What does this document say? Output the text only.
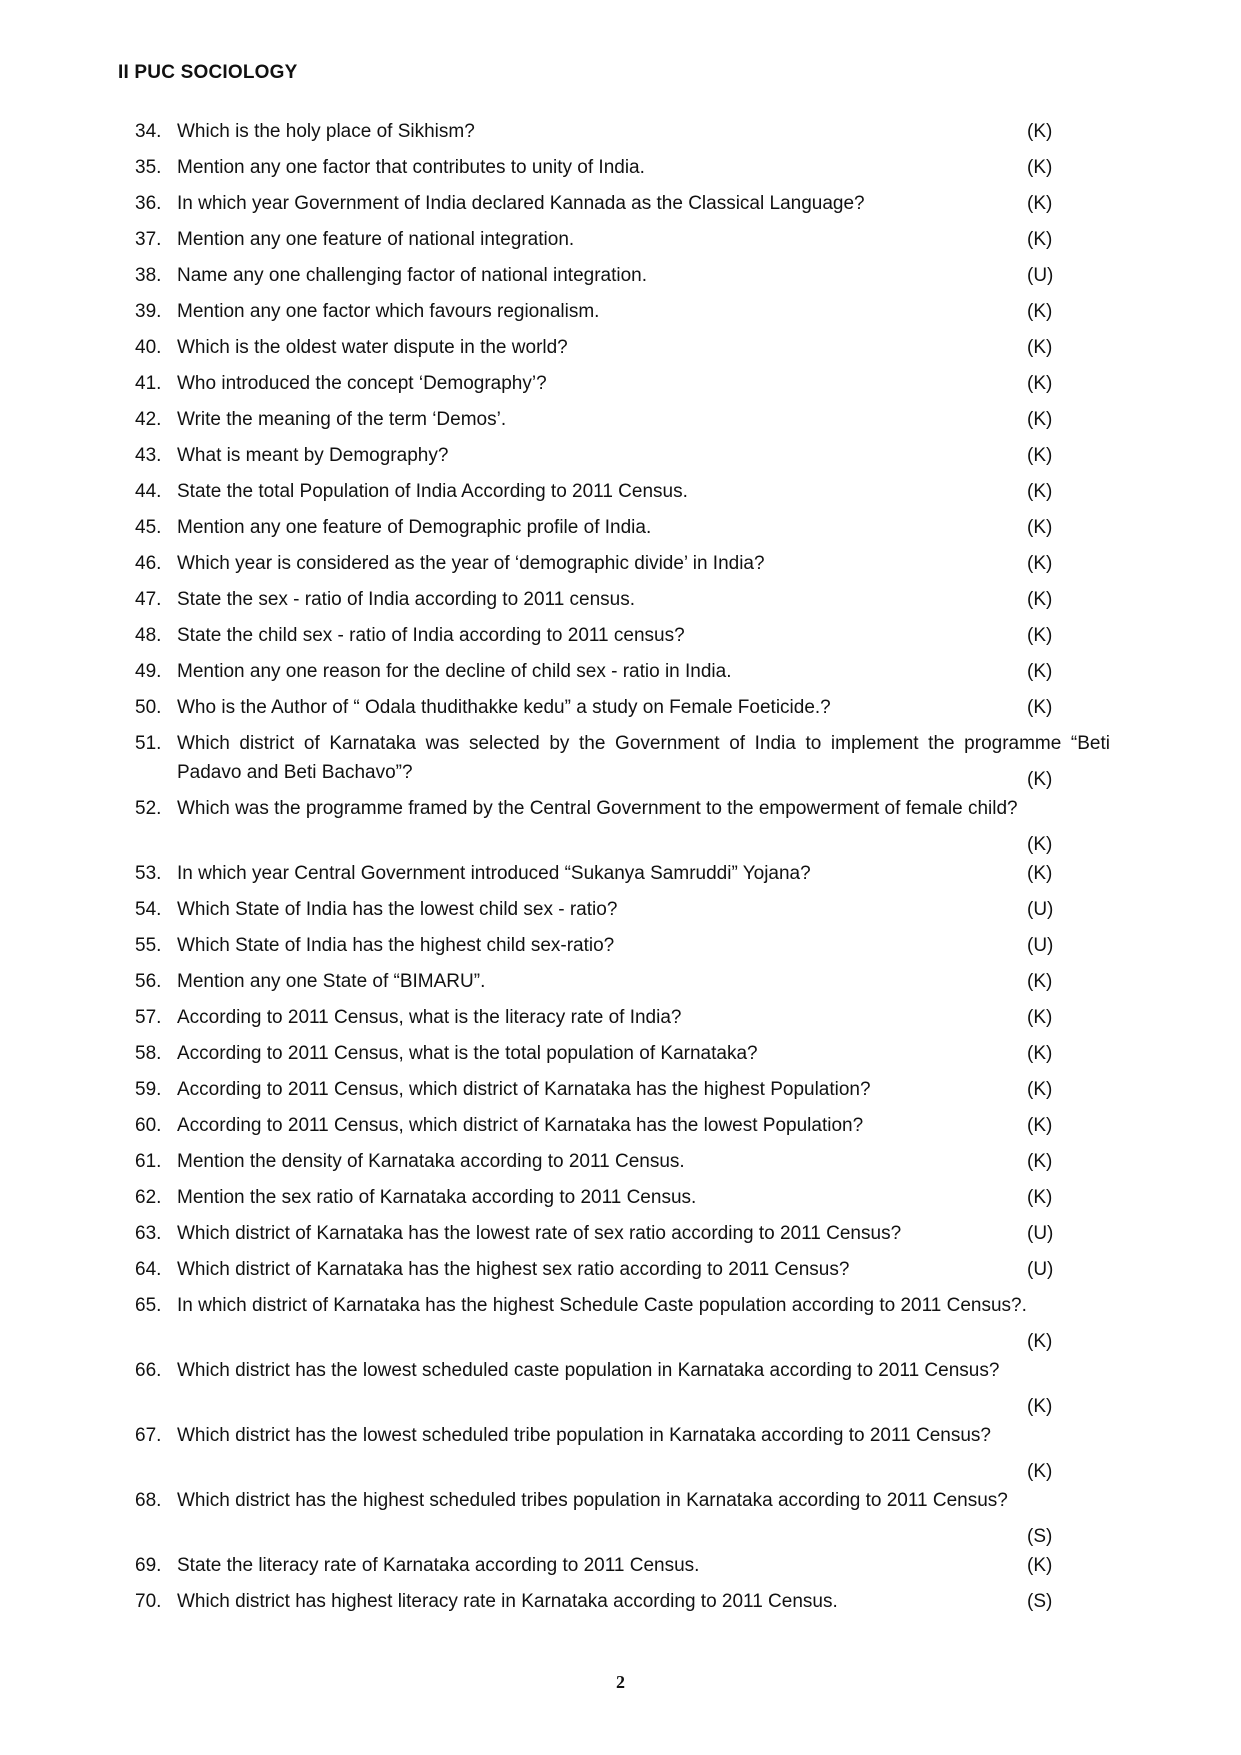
II PUC SOCIOLOGY
34. Which is the holy place of Sikhism?	(K)
35. Mention any one factor that contributes to unity of India.	(K)
36. In which year Government of India declared Kannada as the Classical Language?	(K)
37. Mention any one feature of national integration.	(K)
38. Name any one challenging factor of national integration.	(U)
39. Mention any one factor which favours regionalism.	(K)
40. Which is the oldest water dispute in the world?	(K)
41. Who introduced the concept ‘Demography’?	(K)
42. Write the meaning of the term ‘Demos’.	(K)
43. What is meant by Demography?	(K)
44. State the total Population of India According to 2011 Census.	(K)
45. Mention any one feature of Demographic profile of India.	(K)
46. Which year is considered as the year of ‘demographic divide’ in India?	(K)
47. State the sex - ratio of India according to 2011 census.	(K)
48. State the child sex - ratio of India according to 2011 census?	(K)
49. Mention any one reason for the decline of child sex - ratio in India.	(K)
50. Who is the Author of “ Odala thudithakke kedu” a study on Female Foeticide.?	(K)
51. Which district of Karnataka was selected by the Government of India to implement the programme “Beti Padavo and Beti Bachavo”?	(K)
52. Which was the programme framed by the Central Government to the empowerment of female child?
(K)
53. In which year Central Government introduced “Sukanya Samruddi” Yojana?	(K)
54. Which State of India has the lowest child sex - ratio?	(U)
55. Which State of India has the highest child sex-ratio?	(U)
56. Mention any one State of “BIMARU”.	(K)
57. According to 2011 Census, what is the literacy rate of India?	(K)
58. According to 2011 Census, what is the total population of Karnataka?	(K)
59. According to 2011 Census, which district of Karnataka has the highest Population?	(K)
60. According to 2011 Census, which district of Karnataka has the lowest Population?	(K)
61. Mention the density of Karnataka according to 2011 Census.	(K)
62. Mention the sex ratio of Karnataka according to 2011 Census.	(K)
63. Which district of Karnataka has the lowest rate of sex ratio according to 2011 Census?	(U)
64. Which district of Karnataka has the highest sex ratio according to 2011 Census?	(U)
65. In which district of Karnataka has the highest Schedule Caste population according to 2011 Census?.
(K)
66. Which district has the lowest scheduled caste population in Karnataka according to 2011 Census?
(K)
67. Which district has the lowest scheduled tribe population in Karnataka according to 2011 Census?
(K)
68. Which district has the highest scheduled tribes population in Karnataka according to 2011 Census?
(S)
69. State the literacy rate of Karnataka according to 2011 Census.	(K)
70. Which district has highest literacy rate in Karnataka according to 2011 Census.	(S)
2
